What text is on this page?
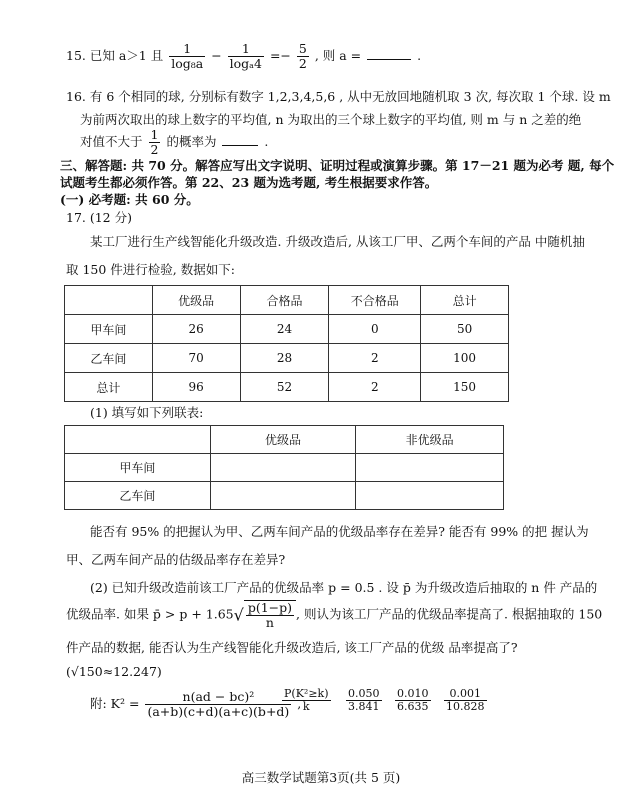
15. 已知 a＞1 且 $\frac{1}{\text{log₈a}} - \frac{1}{\text{logₐ4}} =- \frac{5}{2}$ , 则 a =	.
16. 有 6 个相同的球, 分别标有数字 1,2,3,4,5,6 , 从中无放回地随机取 3 次, 每次取 1 个球. 设 m
为前两次取出的球上数字的平均值, n 为取出的三个球上数字的平均值, 则 m 与 n 之差的绝
对值不大于 $\frac{1}{2}$ 的概率为	.
三、解答题: 共 70 分。解答应写出文字说明、证明过程或演算步骤。第 17－21 题为必考 题, 每个
试题考生都必须作答。第 22、23 题为选考题, 考生根据要求作答。
(一) 必考题: 共 60 分。
17. (12 分)
某工厂进行生产线智能化升级改造. 升级改造后, 从该工厂甲、乙两个车间的产品 中随机抽
取 150 件进行检验, 数据如下:
	优级品	合格品	不合格品	总计
甲车间	26	24	0	50
乙车间	70	28	2	100
总计	96	52	2	150
(1) 填写如下列联表:
	优级品	非优级品
甲车间		
乙车间		
能否有 95% 的把握认为甲、乙两车间产品的优级品率存在差异? 能否有 99% 的把 握认为
甲、乙两车间产品的估级品率存在差异?
(2) 已知升级改造前该工厂产品的优级品率 p = 0.5 . 设 p̄ 为升级改造后抽取的 n 件 产品的
优级品率. 如果 p̄ > $p + 1.65√ \frac{p(1-p)}{n}$ , 则认为该工厂产品的优级品率提高了. 根据抽取的 150
件产品的数据, 能否认为生产线智能化升级改造后, 该工厂产品的优级 品率提高了?
(√150≈12.247)
附: $K^2 = \frac{\text{n(ad − bc)²}}{(a+b)(c+d)(a+c)(b+d)}$ ,
$\frac{\text{P(K²≥k)}}{k}$
$\frac{0.050}{3.841}$
$\frac{0.010}{6.635}$
$\frac{0.001}{10.828}$
高三数学试题第3页(共 5 页)
